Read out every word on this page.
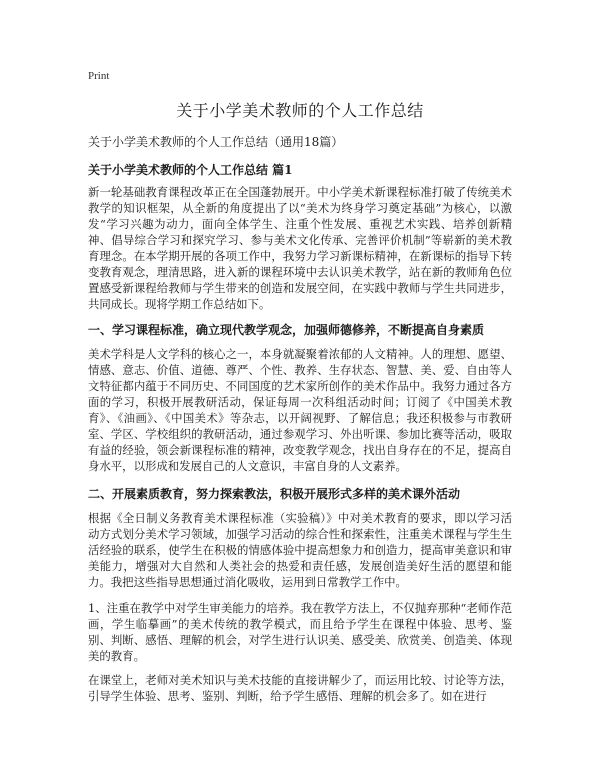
Print
关于小学美术教师的个人工作总结
关于小学美术教师的个人工作总结（通用18篇）
关于小学美术教师的个人工作总结 篇1

新一轮基础教育课程改革正在全国蓬勃展开。中小学美术新课程标准打破了传统美术教学的知识框架，从全新的角度提出了以“美术为终身学习奠定基础”为核心，以激发“学习兴趣为动力，面向全体学生、注重个性发展、重视艺术实践、培养创新精神、倡导综合学习和探究学习、参与美术文化传承、完善评价机制”等崭新的美术教育理念。在本学期开展的各项工作中，我努力学习新课标精神，在新课标的指导下转变教育观念，理清思路，进入新的课程环境中去认识美术教学，站在新的教师角色位置感受新课程给教师与学生带来的创造和发展空间，在实践中教师与学生共同进步，共同成长。现将学期工作总结如下。

一、学习课程标准，确立现代教学观念，加强师德修养，不断提高自身素质

美术学科是人文学科的核心之一，本身就凝聚着浓郁的人文精神。人的理想、愿望、情感、意志、价值、道德、尊严、个性、教养、生存状态、智慧、美、爱、自由等人文特征都内蕴于不同历史、不同国度的艺术家所创作的美术作品中。我努力通过各方面的学习，积极开展教研活动，保证每周一次科组活动时间；订阅了《中国美术教育》、《油画》、《中国美术》等杂志，以开阔视野、了解信息；我还积极参与市教研室、学区、学校组织的教研活动，通过参观学习、外出听课、参加比赛等活动，吸取有益的经验，领会新课程标准的精神，改变教学观念，找出自身存在的不足，提高自身水平，以形成和发展自己的人文意识，丰富自身的人文素养。

二、开展素质教育，努力探索教法，积极开展形式多样的美术课外活动

根据《全日制义务教育美术课程标准（实验稿）》中对美术教育的要求，即以学习活动方式划分美术学习领域，加强学习活动的综合性和探索性，注重美术课程与学生生活经验的联系，使学生在积极的情感体验中提高想象力和创造力，提高审美意识和审美能力，增强对大自然和人类社会的热爱和责任感，发展创造美好生活的愿望和能力。我把这些指导思想通过消化吸收，运用到日常教学工作中。

1、注重在教学中对学生审美能力的培养。我在教学方法上，不仅抛弃那种“老师作范画，学生临摹画”的美术传统的教学模式，而且给予学生在课程中体验、思考、鉴别、判断、感悟、理解的机会，对学生进行认识美、感受美、欣赏美、创造美、体现美的教育。

在课堂上，老师对美术知识与美术技能的直接讲解少了，而运用比较、讨论等方法，引导学生体验、思考、鉴别、判断，给予学生感悟、理解的机会多了。如在进行
